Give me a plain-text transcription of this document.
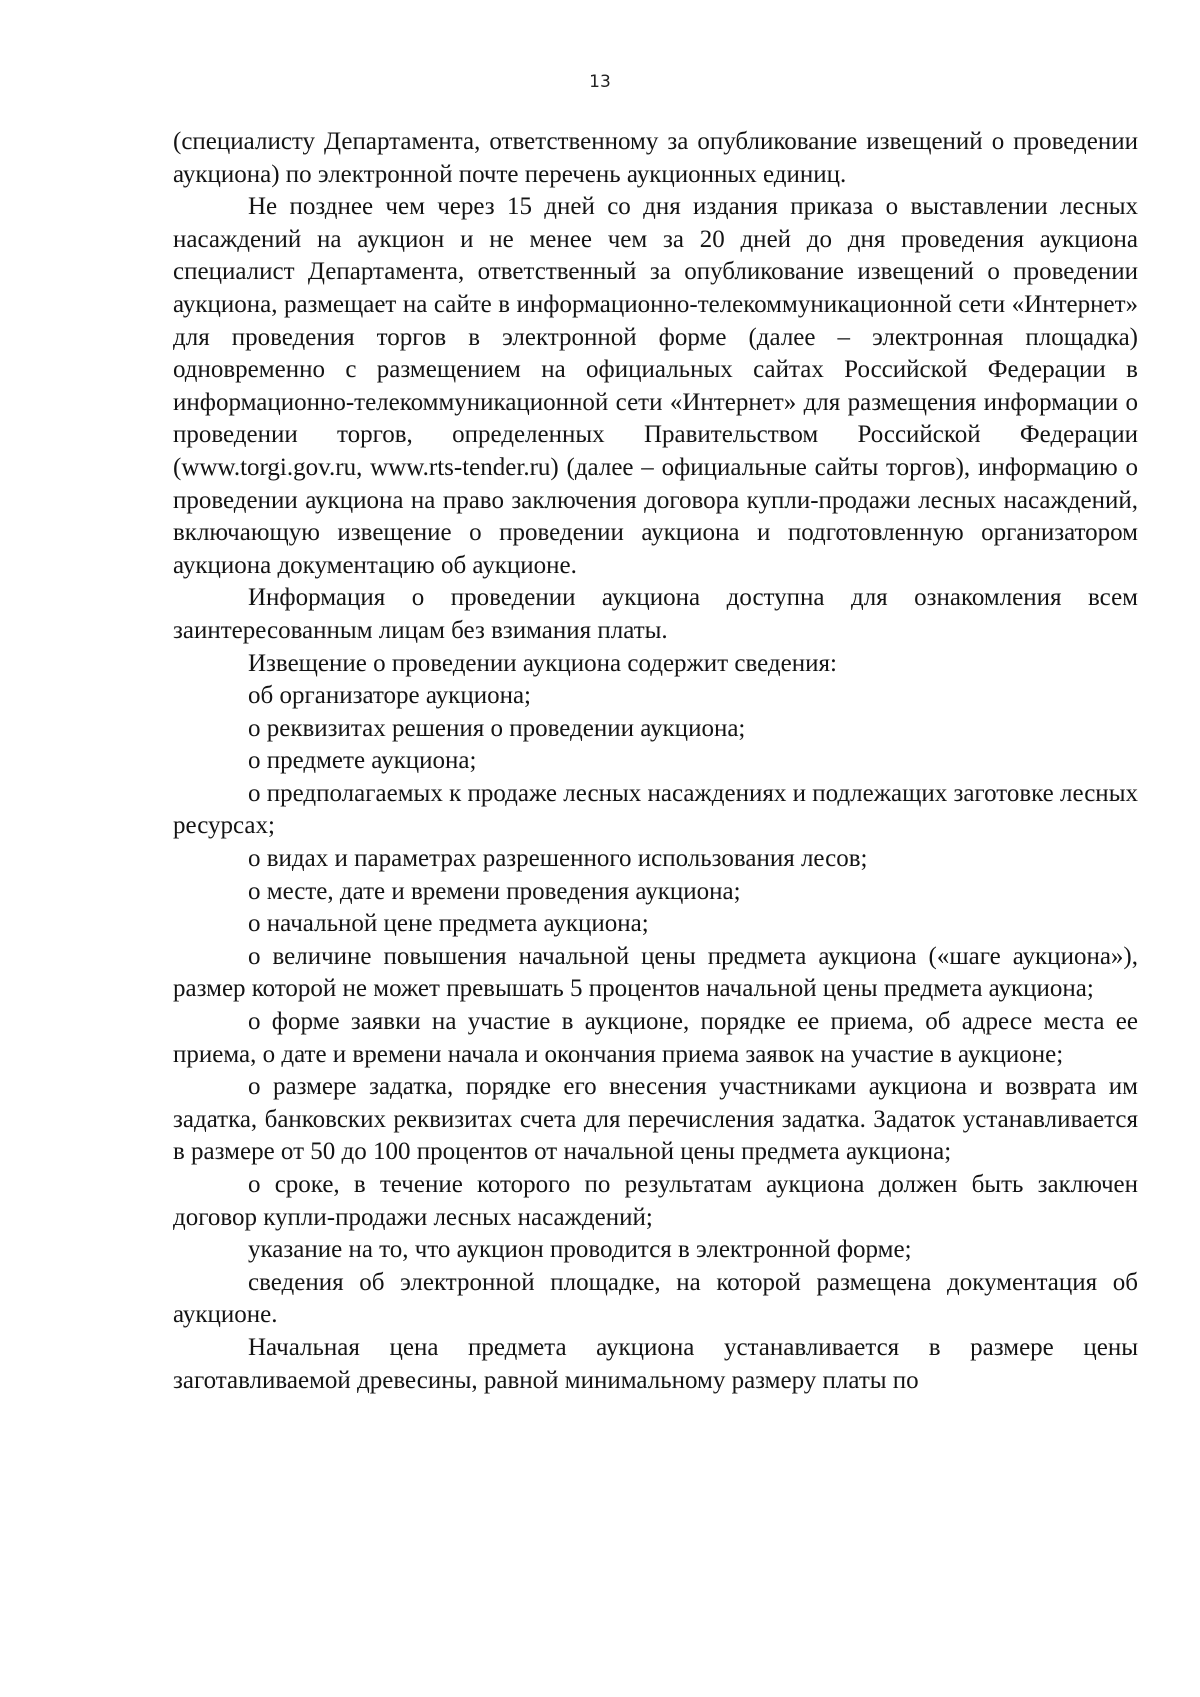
13

(специалисту Департамента, ответственному за опубликование извещений о проведении аукциона) по электронной почте перечень аукционных единиц.

Не позднее чем через 15 дней со дня издания приказа о выставлении лесных насаждений на аукцион и не менее чем за 20 дней до дня проведения аукциона специалист Департамента, ответственный за опубликование извещений о проведении аукциона, размещает на сайте в информационно-телекоммуникационной сети «Интернет» для проведения торгов в электронной форме (далее – электронная площадка) одновременно с размещением на официальных сайтах Российской Федерации в информационно-телекоммуникационной сети «Интернет» для размещения информации о проведении торгов, определенных Правительством Российской Федерации (www.torgi.gov.ru, www.rts-tender.ru) (далее – официальные сайты торгов), информацию о проведении аукциона на право заключения договора купли-продажи лесных насаждений, включающую извещение о проведении аукциона и подготовленную организатором аукциона документацию об аукционе.

Информация о проведении аукциона доступна для ознакомления всем заинтересованным лицам без взимания платы.

Извещение о проведении аукциона содержит сведения:

об организаторе аукциона;

о реквизитах решения о проведении аукциона;

о предмете аукциона;

о предполагаемых к продаже лесных насаждениях и подлежащих заготовке лесных ресурсах;

о видах и параметрах разрешенного использования лесов;

о месте, дате и времени проведения аукциона;

о начальной цене предмета аукциона;

о величине повышения начальной цены предмета аукциона («шаге аукциона»), размер которой не может превышать 5 процентов начальной цены предмета аукциона;

о форме заявки на участие в аукционе, порядке ее приема, об адресе места ее приема, о дате и времени начала и окончания приема заявок на участие в аукционе;

о размере задатка, порядке его внесения участниками аукциона и возврата им задатка, банковских реквизитах счета для перечисления задатка. Задаток устанавливается в размере от 50 до 100 процентов от начальной цены предмета аукциона;

о сроке, в течение которого по результатам аукциона должен быть заключен договор купли-продажи лесных насаждений;

указание на то, что аукцион проводится в электронной форме;

сведения об электронной площадке, на которой размещена документация об аукционе.

Начальная цена предмета аукциона устанавливается в размере цены заготавливаемой древесины, равной минимальному размеру платы по
